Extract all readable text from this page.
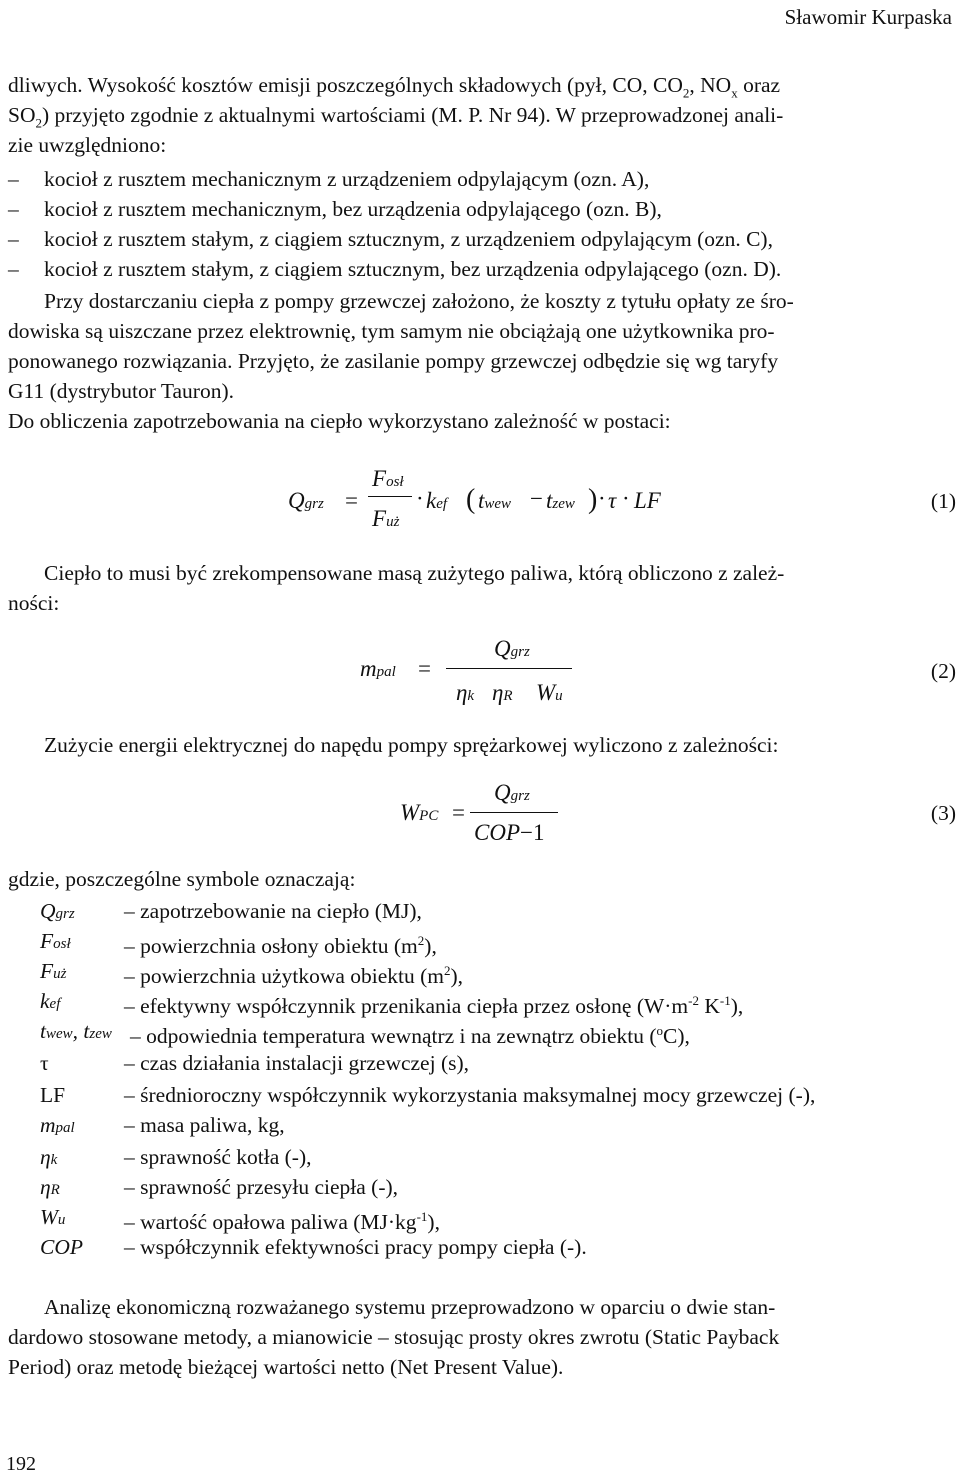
Sławomir Kurpaska
dliwych. Wysokość kosztów emisji poszczególnych składowych (pył, CO, $CO_2$, $NO_x$ oraz
$SO_2$) przyjęto zgodnie z aktualnymi wartościami (M. P. Nr 94). W przeprowadzonej anali-
zie uwzględniono:
– kocioł z rusztem mechanicznym z urządzeniem odpylającym (ozn. A),
– kocioł z rusztem mechanicznym, bez urządzenia odpylającego (ozn. B),
– kocioł z rusztem stałym, z ciągiem sztucznym, z urządzeniem odpylającym (ozn. C),
– kocioł z rusztem stałym, z ciągiem sztucznym, bez urządzenia odpylającego (ozn. D).
Przy dostarczaniu ciepła z pompy grzewczej założono, że koszty z tytułu opłaty ze śro-
dowiska są uiszczane przez elektrownię, tym samym nie obciążają one użytkownika pro-
ponowanego rozwiązania. Przyjęto, że zasilanie pompy grzewczej odbędzie się wg taryfy
G11 (dystrybutor Tauron).
Do obliczenia zapotrzebowania na ciepło wykorzystano zależność w postaci:
Qgrz =
Fosł
Fuż
· kef ( twew − tzew ) · τ · LF	(1)
Ciepło to musi być zrekompensowane masą zużytego paliwa, którą obliczono z zależ-
ności:
mpal =
Qgrz
ηk ηR Wu
(2)
Zużycie energii elektrycznej do napędu pompy sprężarkowej wyliczono z zależności:
WPC =
Qgrz
COP−1
(3)
gdzie, poszczególne symbole oznaczają:
Qgrz – zapotrzebowanie na ciepło (MJ),
Fosł – powierzchnia osłony obiektu $(m^2)$,
Fuż	– powierzchnia użytkowa obiektu $(m^2)$,
kef	– efektywny współczynnik przenikania ciepła przez osłonę ($W\cdot m^{-2}$ $K^{-1}$),
twew, tzew – odpowiednia temperatura wewnątrz i na zewnątrz obiektu ($^o$C),
τ	– czas działania instalacji grzewczej (s),
LF	– średnioroczny współczynnik wykorzystania maksymalnej mocy grzewczej (-),
mpal – masa paliwa, kg,
ηk	– sprawność kotła (-),
ηR	– sprawność przesyłu ciepła (-),
Wu	– wartość opałowa paliwa $(MJ\cdot kg^{-1})$,
COP – współczynnik efektywności pracy pompy ciepła (-).
Analizę ekonomiczną rozważanego systemu przeprowadzono w oparciu o dwie stan-
dardowo stosowane metody, a mianowicie – stosując prosty okres zwrotu (Static Payback
Period) oraz metodę bieżącej wartości netto (Net Present Value).
192
